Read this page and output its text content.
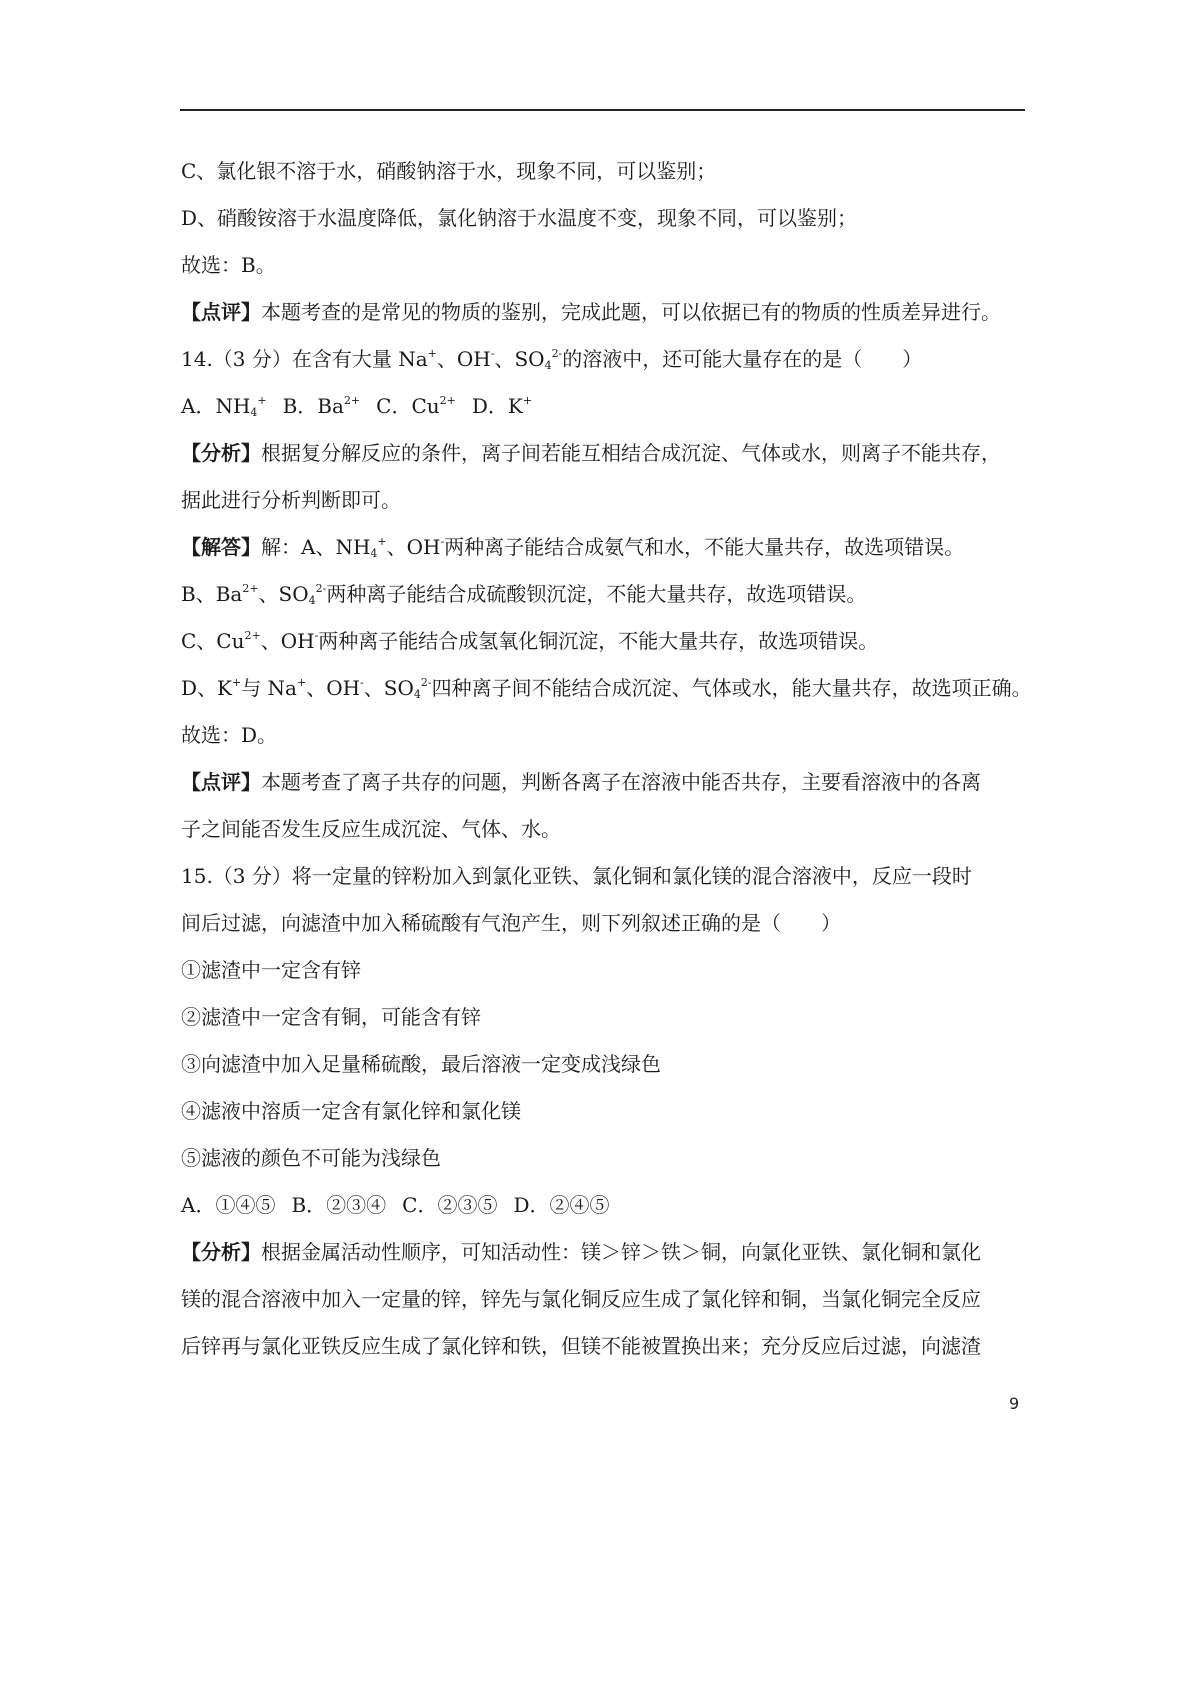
C、氯化银不溶于水，硝酸钠溶于水，现象不同，可以鉴别；
D、硝酸铵溶于水温度降低，氯化钠溶于水温度不变，现象不同，可以鉴别；
故选：B。
【点评】本题考查的是常见的物质的鉴别，完成此题，可以依据已有的物质的性质差异进行。
14.（3 分）在含有大量 Na+、OH-、$SO_4^{2-}$的溶液中，还可能大量存在的是（　　）
A．$NH_4^+$ B．$Ba^{2+}$ C．$Cu^{2+}$ D．K+
【分析】根据复分解反应的条件，离子间若能互相结合成沉淀、气体或水，则离子不能共存，
据此进行分析判断即可。
【解答】解：A、$NH_4^+$、OH-两种离子能结合成氨气和水，不能大量共存，故选项错误。
B、$Ba^{2+}$、$SO_4^{2-}$两种离子能结合成硫酸钡沉淀，不能大量共存，故选项错误。
C、$Cu^{2+}$、OH-两种离子能结合成氢氧化铜沉淀，不能大量共存，故选项错误。
D、K+与 Na+、OH-、$SO_4^{2-}$四种离子间不能结合成沉淀、气体或水，能大量共存，故选项正确。
故选：D。
【点评】本题考查了离子共存的问题，判断各离子在溶液中能否共存，主要看溶液中的各离
子之间能否发生反应生成沉淀、气体、水。
15.（3 分）将一定量的锌粉加入到氯化亚铁、氯化铜和氯化镁的混合溶液中，反应一段时
间后过滤，向滤渣中加入稀硫酸有气泡产生，则下列叙述正确的是（　　）
①滤渣中一定含有锌
②滤渣中一定含有铜，可能含有锌
③向滤渣中加入足量稀硫酸，最后溶液一定变成浅绿色
④滤液中溶质一定含有氯化锌和氯化镁
⑤滤液的颜色不可能为浅绿色
A．①④⑤ B．②③④ C．②③⑤ D．②④⑤
【分析】根据金属活动性顺序，可知活动性：镁＞锌＞铁＞铜，向氯化亚铁、氯化铜和氯化
镁的混合溶液中加入一定量的锌，锌先与氯化铜反应生成了氯化锌和铜，当氯化铜完全反应
后锌再与氯化亚铁反应生成了氯化锌和铁，但镁不能被置换出来；充分反应后过滤，向滤渣
9
